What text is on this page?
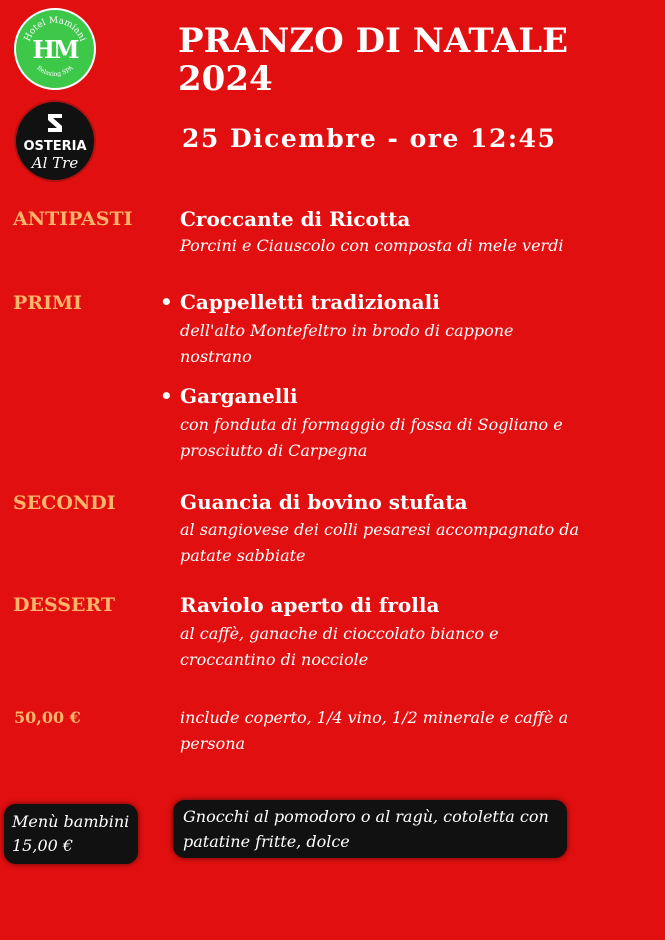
Hotel Mamiani
Relaxing SPA
HM
OSTERIA
Al Tre
PRANZO DI NATALE
2024
25 Dicembre - ore 12:45
ANTIPASTI Croccante di Ricotta
Porcini e Ciauscolo con composta di mele verdi
PRIMI	• Cappelletti tradizionali
dell'alto Montefeltro in brodo di cappone nostrano
• Garganelli
con fonduta di formaggio di fossa di Sogliano e prosciutto di Carpegna
SECONDI	Guancia di bovino stufata
al sangiovese dei colli pesaresi accompagnato da patate sabbiate
DESSERT	Raviolo aperto di frolla
al caffè, ganache di cioccolato bianco e croccantino di nocciole
50,00 €	include coperto, 1/4 vino, 1/2 minerale e caffè a persona
Menù bambini
15,00 €
Gnocchi al pomodoro o al ragù, cotoletta con patatine fritte, dolce
